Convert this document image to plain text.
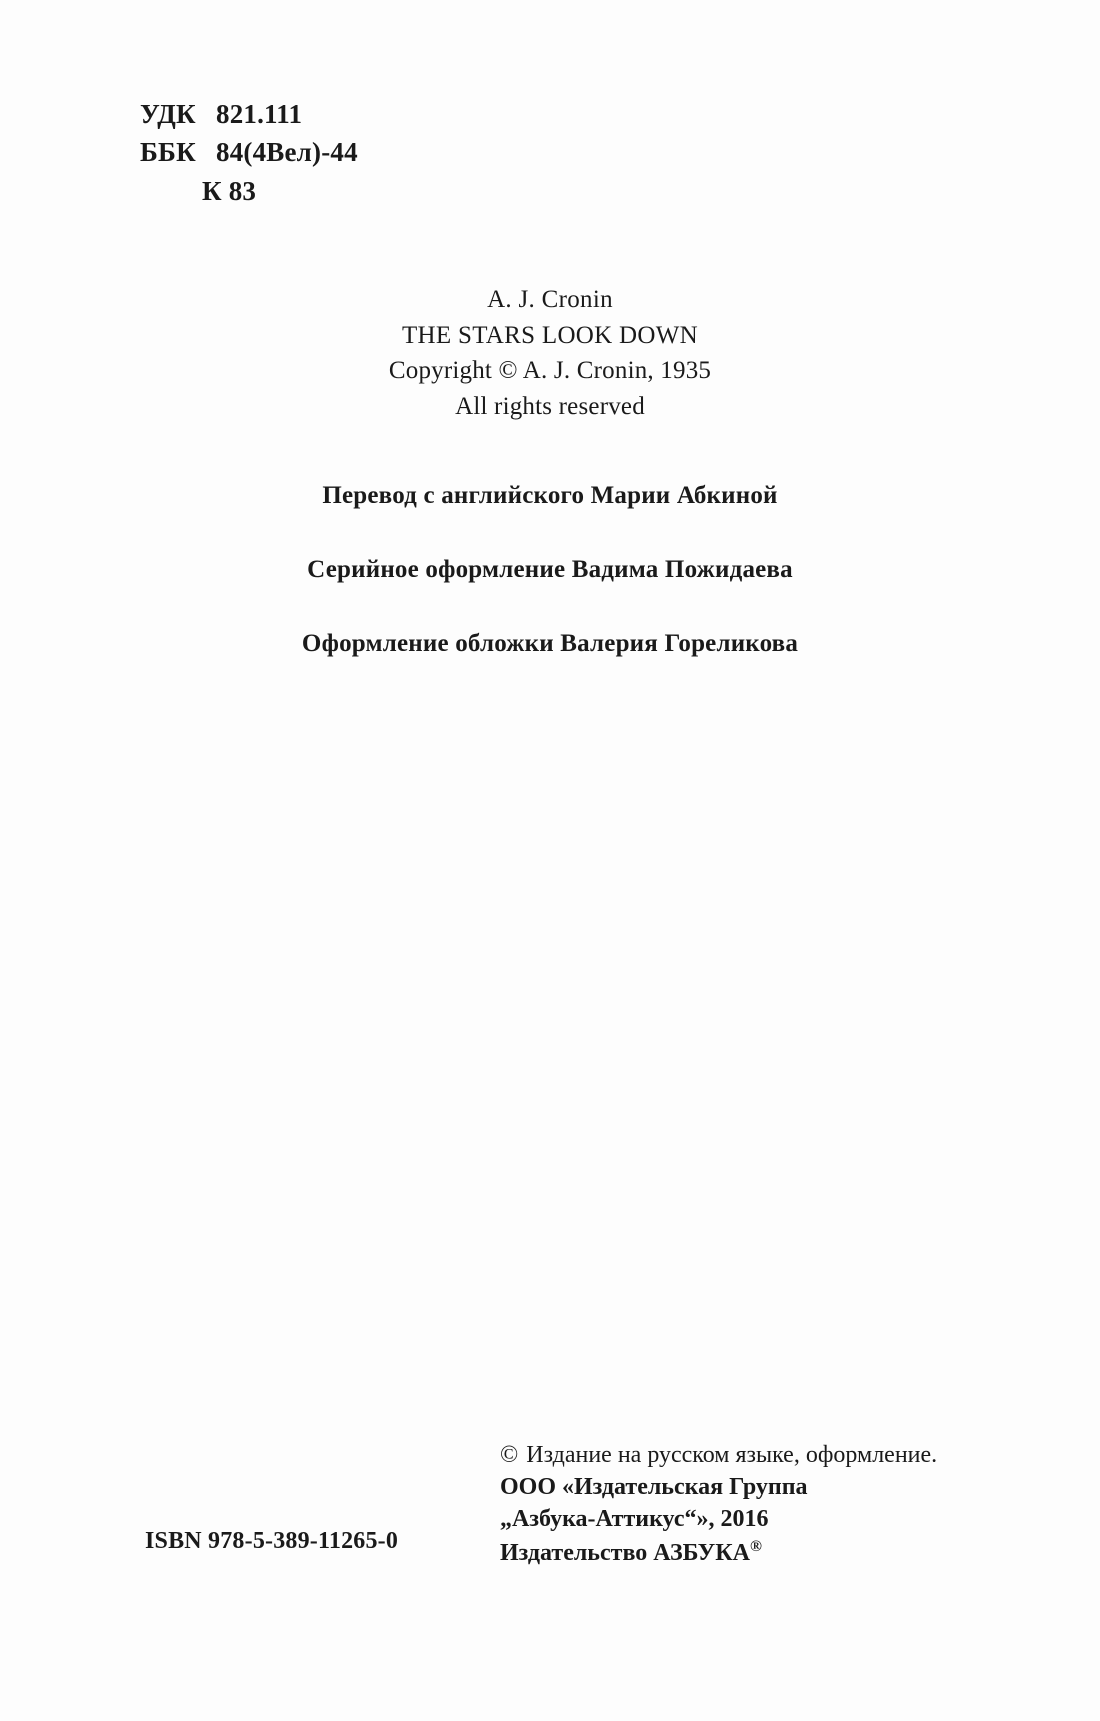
УДК 821.111
ББК 84(4Вел)-44
К 83
A. J. Cronin
THE STARS LOOK DOWN
Copyright © A. J. Cronin, 1935
All rights reserved
Перевод с английского Марии Абкиной
Серийное оформление Вадима Пожидаева
Оформление обложки Валерия Гореликова
© Издание на русском языке, оформление.
ООО «Издательская Группа
„Азбука-Аттикус“», 2016
Издательство АЗБУКА®
ISBN 978-5-389-11265-0
